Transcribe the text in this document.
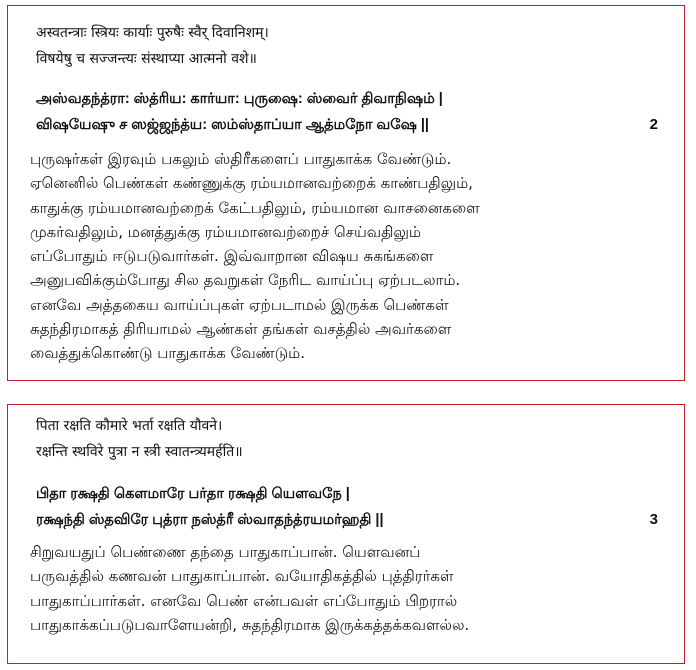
अस्वतन्त्राः स्त्रियः कार्याः पुरुषैः स्वैर् दिवानिशम्।
विषयेषु च सज्जन्त्यः संस्थाप्या आत्मनो वशे॥
அஸ்வதந்த்ரா: ஸ்த்ரிய: கார்யா: புருஷை: ஸ்வைர் திவாநிஷம் |
விஷயேஷு ச ஸஜ்ஜந்த்ய: ஸம்ஸ்தாப்யா ஆத்மநோ வஷே ||	2
புருஷர்கள் இரவும் பகலும் ஸ்திரீகளைப் பாதுகாக்க வேண்டும்.
ஏனெனில் பெண்கள் கண்ணுக்கு ரம்யமானவற்றைக் காண்பதிலும்,
காதுக்கு ரம்யமானவற்றைக் கேட்பதிலும், ரம்யமான வாசனைகளை
முகர்வதிலும், மனத்துக்கு ரம்யமானவற்றைச் செய்வதிலும்
எப்போதும் ஈடுபடுவார்கள். இவ்வாறான விஷய சுகங்களை
அனுபவிக்கும்போது சில தவறுகள் நேரிட வாய்ப்பு ஏற்படலாம்.
எனவே அத்தகைய வாய்ப்புகள் ஏற்படாமல் இருக்க பெண்கள்
சுதந்திரமாகத் திரியாமல் ஆண்கள் தங்கள் வசத்தில் அவர்களை
வைத்துக்கொண்டு பாதுகாக்க வேண்டும்.
पिता रक्षति कौमारे भर्ता रक्षति यौवने।
रक्षन्ति स्थविरे पुत्रा न स्त्री स्वातन्त्र्यमर्हति॥
பிதா ரக்ஷதி கௌமாரே பர்தா ரக்ஷதி யௌவநே |
ரக்ஷந்தி ஸ்தவிரே புத்ரா நஸ்த்ரீ ஸ்வாதந்த்ரயமர்ஹதி ||	3
சிறுவயதுப் பெண்ணை தந்தை பாதுகாப்பான். யௌவனப்
பருவத்தில் கணவன் பாதுகாப்பான். வயோதிகத்தில் புத்திரர்கள்
பாதுகாப்பார்கள். எனவே பெண் என்பவள் எப்போதும் பிறரால்
பாதுகாக்கப்படுபவாளேயன்றி, சுதந்திரமாக இருக்கத்தக்கவளல்ல.
